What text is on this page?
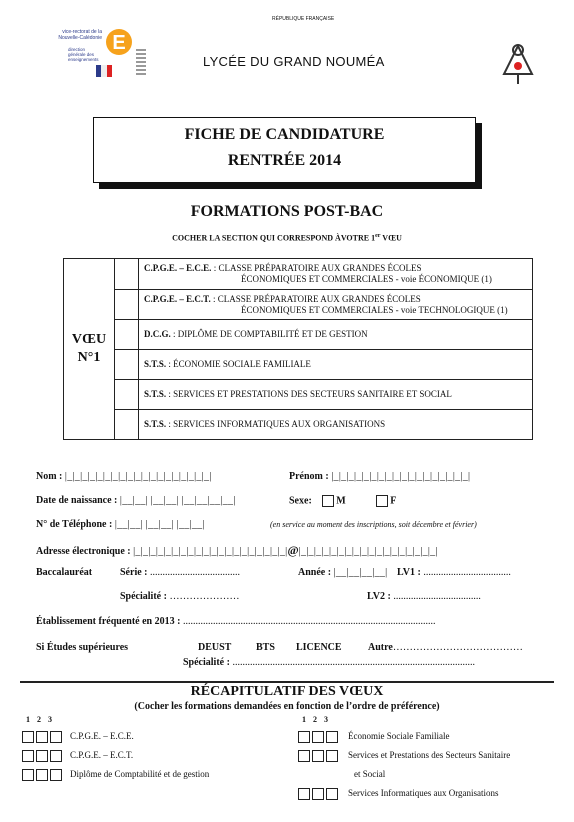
RÉPUBLIQUE FRANÇAISE
vice-rectorat de la Nouvelle-Calédonie
direction générale des enseignements
E
LYCÉE DU GRAND NOUMÉA
FICHE DE CANDIDATURE
RENTRÉE 2014
FORMATIONS POST-BAC
COCHER LA SECTION QUI CORRESPOND ÀVOTRE 1er VŒU
VŒU
N°1
C.P.G.E. – E.C.E. : CLASSE PRÉPARATOIRE AUX GRANDES ÉCOLES
ÉCONOMIQUES ET COMMERCIALES - voie ÉCONOMIQUE (1)
C.P.G.E. – E.C.T. : CLASSE PRÉPARATOIRE AUX GRANDES ÉCOLES
ÉCONOMIQUES ET COMMERCIALES - voie TECHNOLOGIQUE (1)
D.C.G. : DIPLÔME DE COMPTABILITÉ ET DE GESTION
S.T.S. : ÉCONOMIE SOCIALE FAMILIALE
S.T.S. : SERVICES ET PRESTATIONS DES SECTEURS SANITAIRE ET SOCIAL
S.T.S. : SERVICES INFORMATIQUES AUX ORGANISATIONS
Nom : |_|_|_|_|_|_|_|_|_|_|_|_|_|_|_|_|_|_|_|	Prénom : |_|_|_|_|_|_|_|_|_|_|_|_|_|_|_|_|_|_|
Date de naissance : |__|__| |__|__| |__|__|__|__|	Sexe: M	F
N° de Téléphone : |__|__| |__|__| |__|__|	(en service au moment des inscriptions, soit décembre et février)
Adresse électronique : |_|_|_|_|_|_|_|_|_|_|_|_|_|_|_|_|_|_|_|_|@|_|_|_|_|_|_|_|_|_|_|_|_|_|_|_|_|_|_|
Baccalauréat	Série : ....................................	Année : |__|__|__|__| LV1 : ...................................
Spécialité : …………………	LV2 : ...................................
Établissement fréquenté en 2013 : .....................................................................................................
Si Études supérieures	DEUST BTS LICENCE	Autre…………………………………
Spécialité : .................................................................................................
RÉCAPITULATIF DES VŒUX
(Cocher les formations demandées en fonction de l’ordre de préférence)
1 2 3	1 2 3
C.P.G.E. – E.C.E.
C.P.G.E. – E.C.T.
Diplôme de Comptabilité et de gestion
Économie Sociale Familiale
Services et Prestations des Secteurs Sanitaire
et Social
Services Informatiques aux Organisations
